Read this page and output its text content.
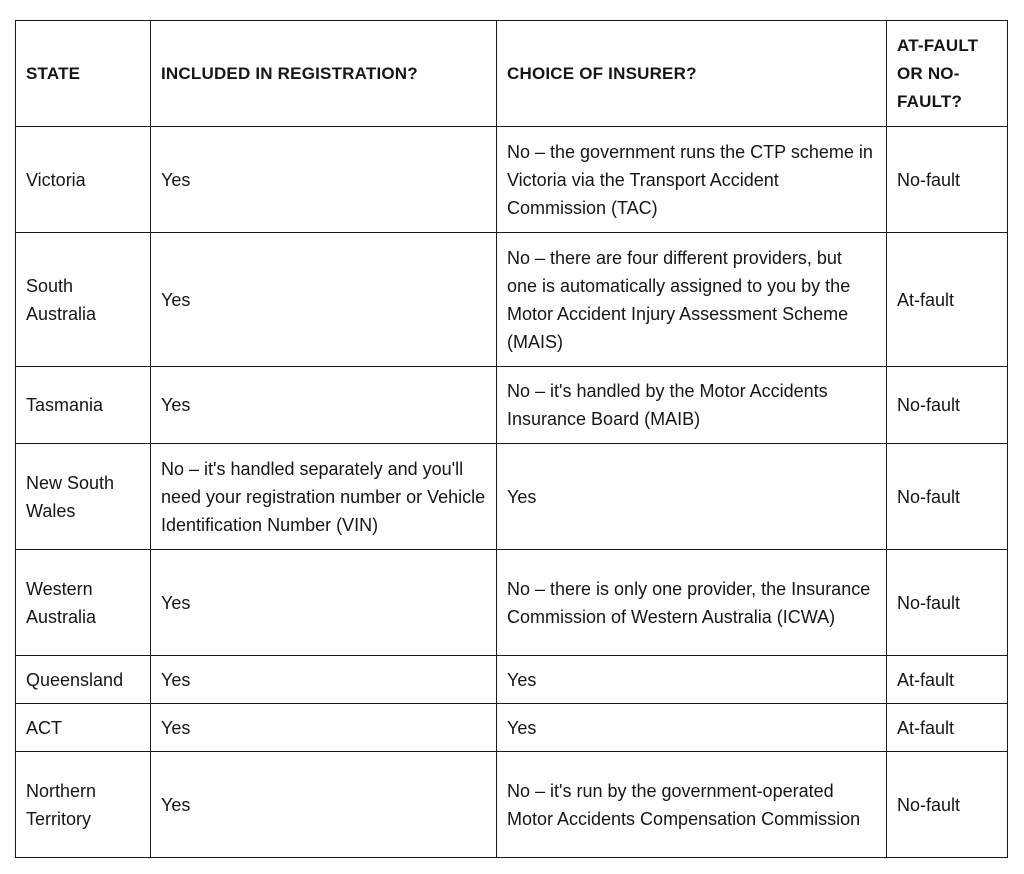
STATE	INCLUDED IN REGISTRATION?	CHOICE OF INSURER?	AT-FAULT OR NO-FAULT?
Victoria	Yes	No – the government runs the CTP scheme in Victoria via the Transport Accident Commission (TAC)	No-fault
South Australia	Yes	No – there are four different providers, but one is automatically assigned to you by the Motor Accident Injury Assessment Scheme (MAIS)	At-fault
Tasmania	Yes	No – it's handled by the Motor Accidents Insurance Board (MAIB)	No-fault
New South Wales	No – it's handled separately and you'll need your registration number or Vehicle Identification Number (VIN)	Yes	No-fault
Western Australia	Yes	No – there is only one provider, the Insurance Commission of Western Australia (ICWA)	No-fault
Queensland	Yes	Yes	At-fault
ACT	Yes	Yes	At-fault
Northern Territory	Yes	No – it's run by the government-operated Motor Accidents Compensation Commission	No-fault
